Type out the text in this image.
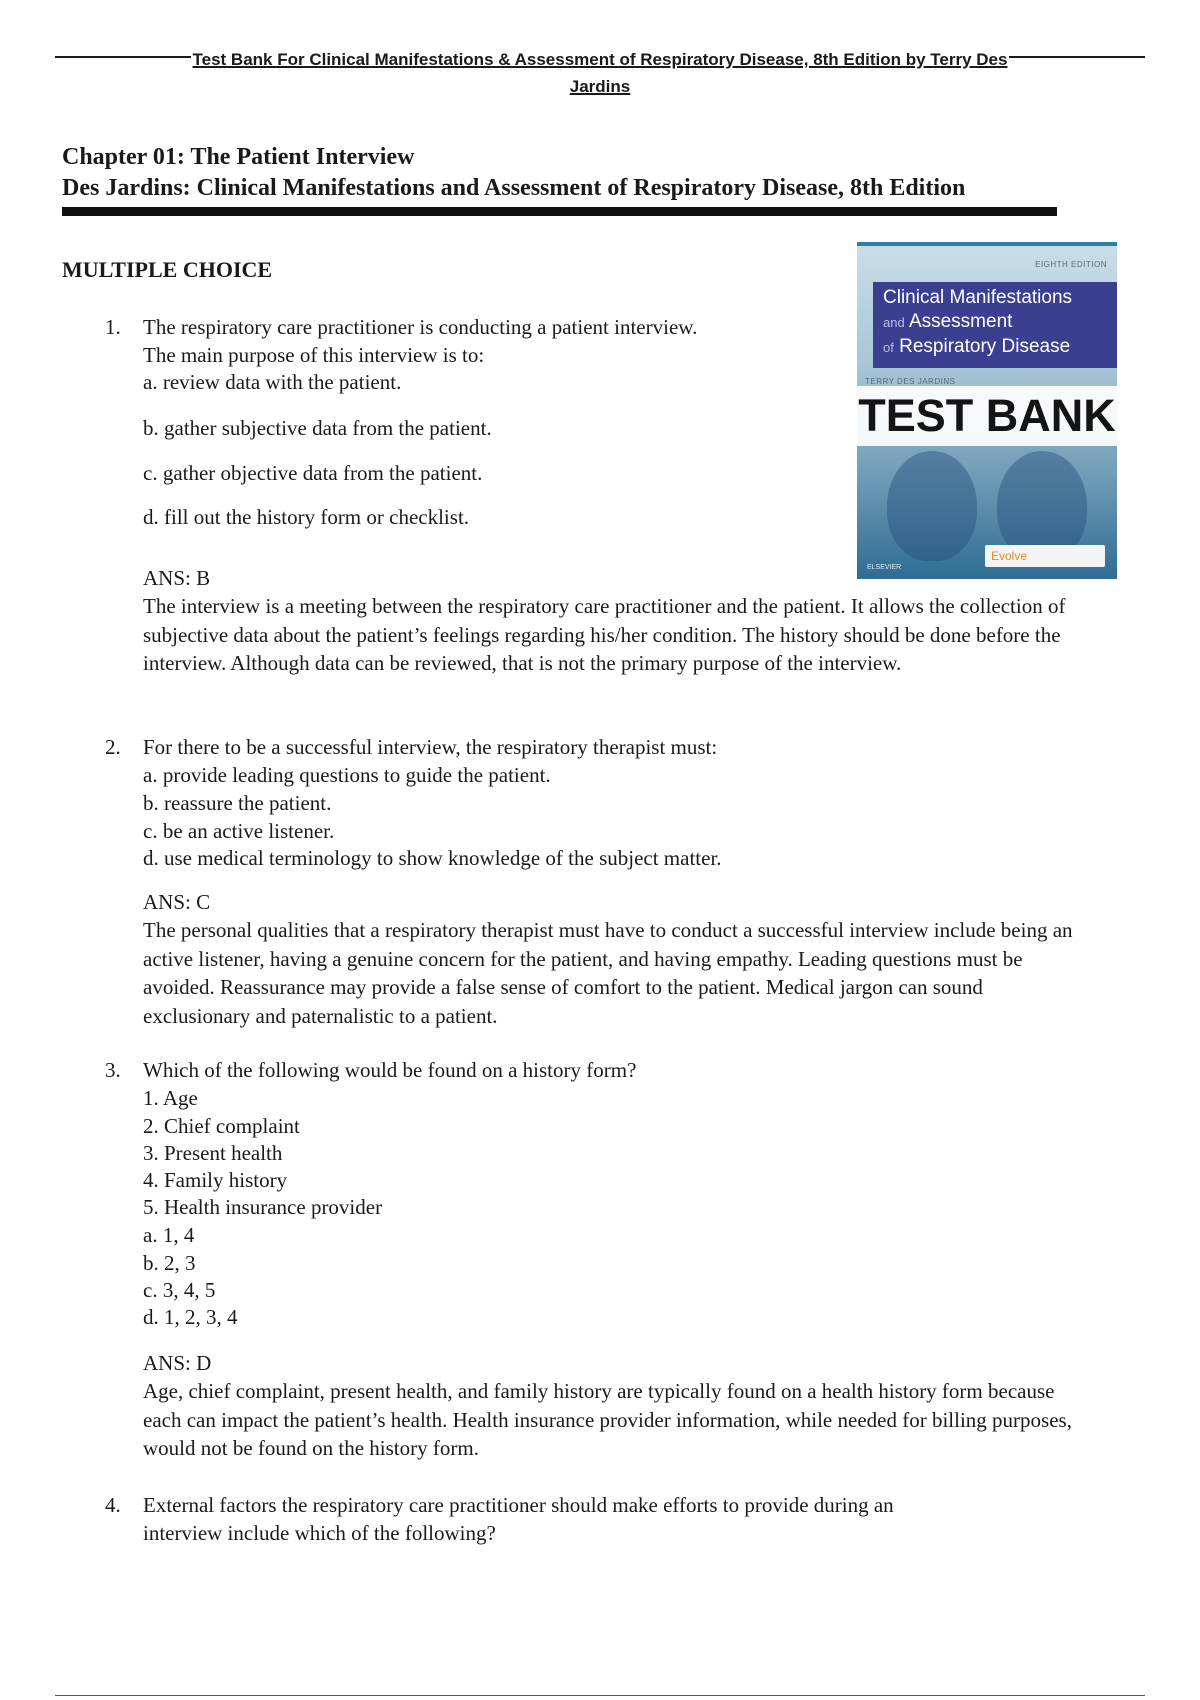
Test Bank For Clinical Manifestations & Assessment of Respiratory Disease, 8th Edition by Terry Des
Jardins
Chapter 01: The Patient Interview
Des Jardins: Clinical Manifestations and Assessment of Respiratory Disease, 8th Edition
MULTIPLE CHOICE	EIGHTH EDITION
Clinical Manifestations
and Assessment
of Respiratory Disease
TERRY DES JARDINS
TEST BANK
Evolve
ELSEVIER
1. The respiratory care practitioner is conducting a patient interview.
The main purpose of this interview is to:
a. review data with the patient.
b. gather subjective data from the patient.
c. gather objective data from the patient.
d. fill out the history form or checklist.
ANS: B
The interview is a meeting between the respiratory care practitioner and the patient. It allows the collection of subjective data about the patient’s feelings regarding his/her condition. The history should be done before the interview. Although data can be reviewed, that is not the primary purpose of the interview.
2. For there to be a successful interview, the respiratory therapist must:
a. provide leading questions to guide the patient.
b. reassure the patient.
c. be an active listener.
d. use medical terminology to show knowledge of the subject matter.
ANS: C
The personal qualities that a respiratory therapist must have to conduct a successful interview include being an active listener, having a genuine concern for the patient, and having empathy. Leading questions must be avoided. Reassurance may provide a false sense of comfort to the patient. Medical jargon can sound exclusionary and paternalistic to a patient.
3. Which of the following would be found on a history form?
1. Age
2. Chief complaint
3. Present health
4. Family history
5. Health insurance provider
a. 1, 4
b. 2, 3
c. 3, 4, 5
d. 1, 2, 3, 4
ANS: D
Age, chief complaint, present health, and family history are typically found on a health history form because each can impact the patient’s health. Health insurance provider information, while needed for billing purposes, would not be found on the history form.
4. External factors the respiratory care practitioner should make efforts to provide during an
interview include which of the following?
